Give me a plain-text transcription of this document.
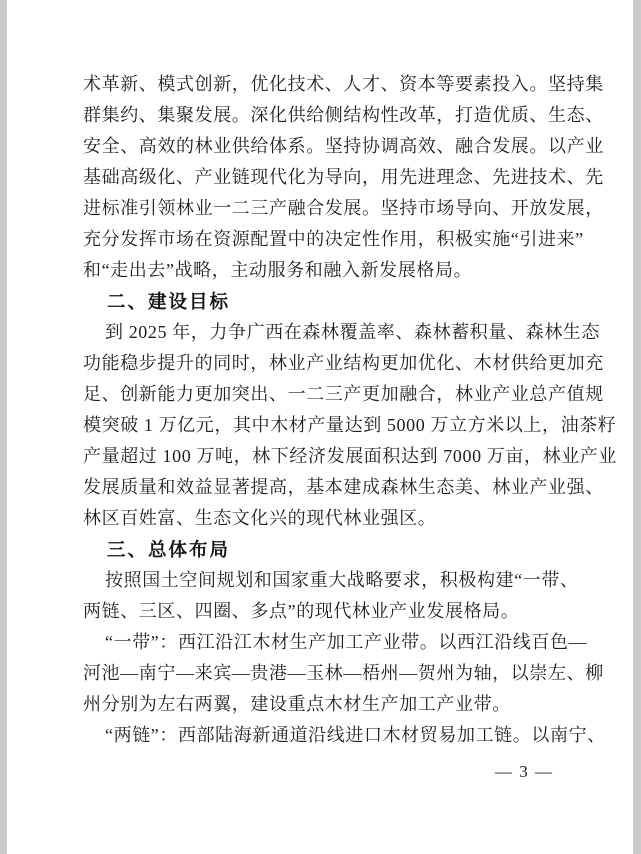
术革新、模式创新，优化技术、人才、资本等要素投入。坚持集
群集约、集聚发展。深化供给侧结构性改革，打造优质、生态、
安全、高效的林业供给体系。坚持协调高效、融合发展。以产业
基础高级化、产业链现代化为导向，用先进理念、先进技术、先
进标准引领林业一二三产融合发展。坚持市场导向、开放发展，
充分发挥市场在资源配置中的决定性作用，积极实施“引进来”
和“走出去”战略，主动服务和融入新发展格局。
二、建设目标
到 2025 年，力争广西在森林覆盖率、森林蓄积量、森林生态
功能稳步提升的同时，林业产业结构更加优化、木材供给更加充
足、创新能力更加突出、一二三产更加融合，林业产业总产值规
模突破 1 万亿元，其中木材产量达到 5000 万立方米以上，油茶籽
产量超过 100 万吨，林下经济发展面积达到 7000 万亩，林业产业
发展质量和效益显著提高，基本建成森林生态美、林业产业强、
林区百姓富、生态文化兴的现代林业强区。
三、总体布局
按照国土空间规划和国家重大战略要求，积极构建“一带、
两链、三区、四圈、多点”的现代林业产业发展格局。
“一带”：西江沿江木材生产加工产业带。以西江沿线百色—
河池—南宁—来宾—贵港—玉林—梧州—贺州为轴，以崇左、柳
州分别为左右两翼，建设重点木材生产加工产业带。
“两链”：西部陆海新通道沿线进口木材贸易加工链。以南宁、
— 3 —
